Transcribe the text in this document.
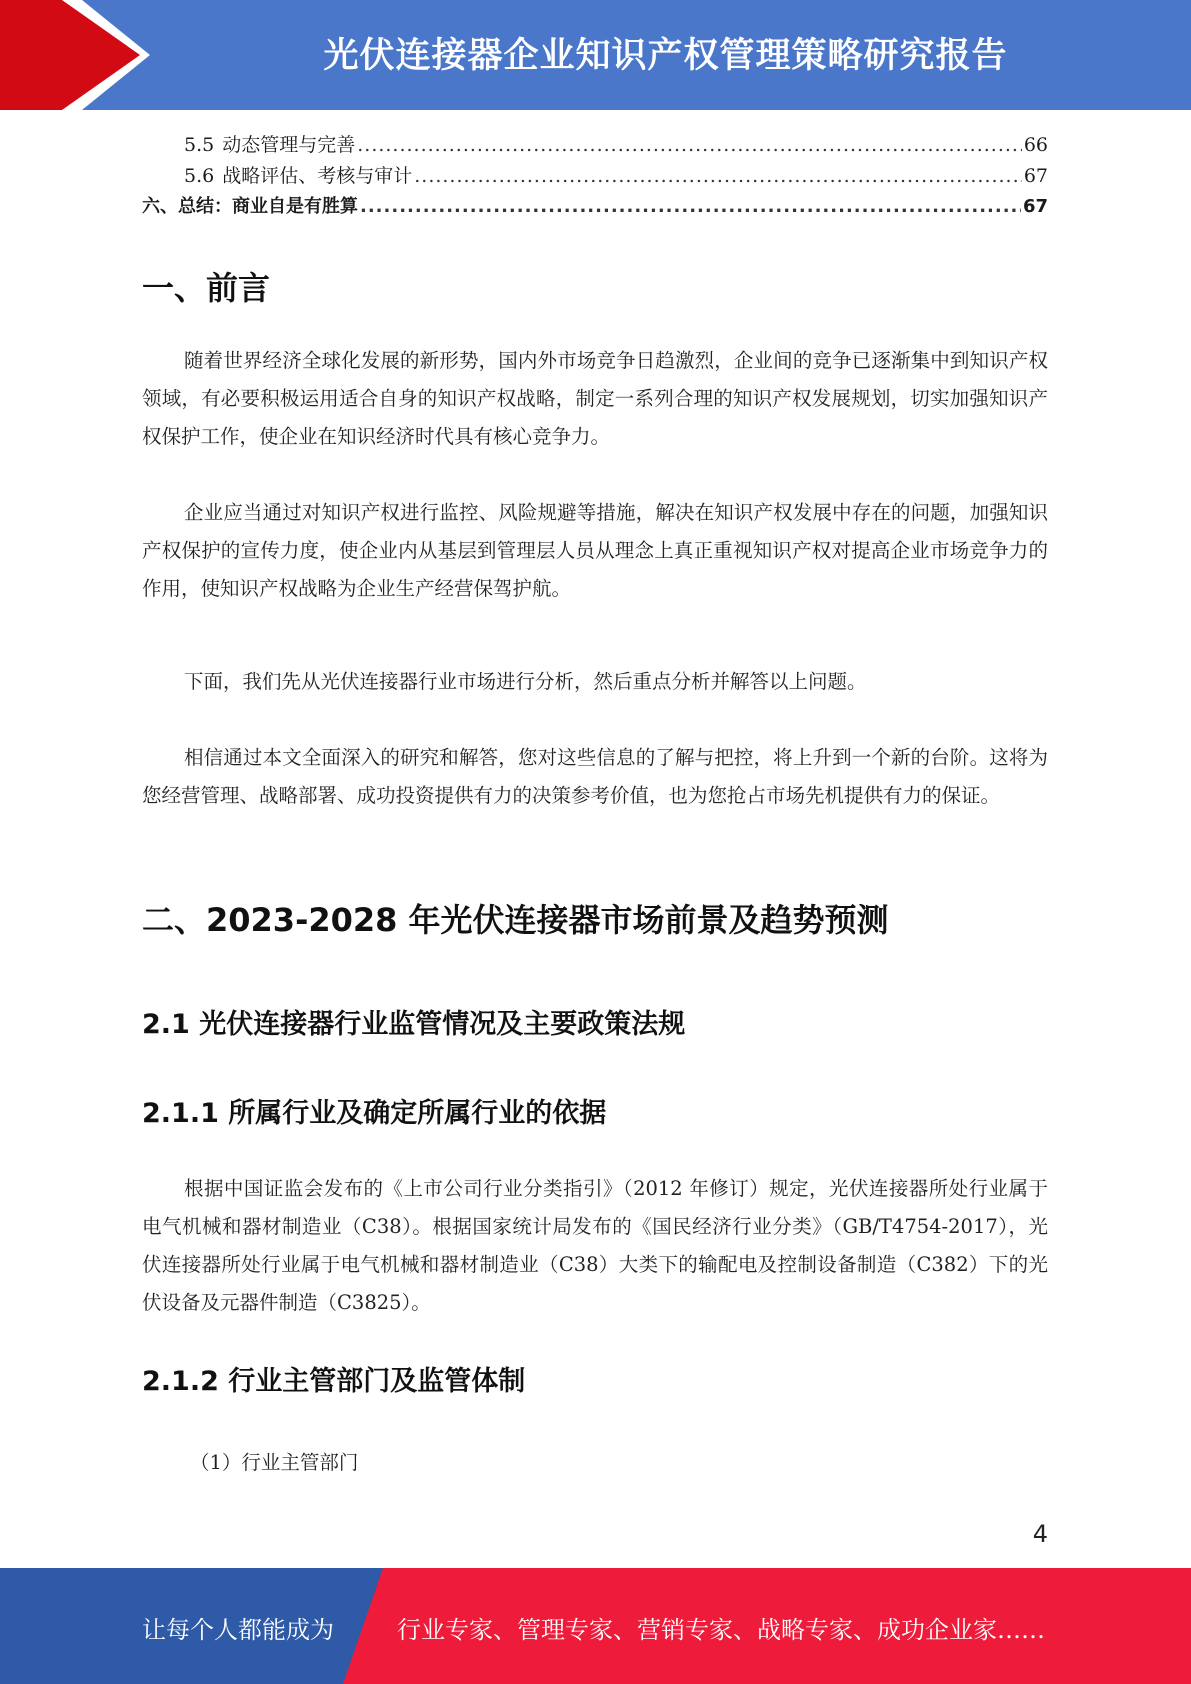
光伏连接器企业知识产权管理策略研究报告
5.5 动态管理与完善 .....	66
5.6 战略评估、考核与审计 .....	67
六、总结：商业自是有胜算 .....	67
一、前言

随着世界经济全球化发展的新形势，国内外市场竞争日趋激烈，企业间的竞争已逐渐集中到知识产权领域，有必要积极运用适合自身的知识产权战略，制定一系列合理的知识产权发展规划，切实加强知识产权保护工作，使企业在知识经济时代具有核心竞争力。

企业应当通过对知识产权进行监控、风险规避等措施，解决在知识产权发展中存在的问题，加强知识产权保护的宣传力度，使企业内从基层到管理层人员从理念上真正重视知识产权对提高企业市场竞争力的作用，使知识产权战略为企业生产经营保驾护航。

下面，我们先从光伏连接器行业市场进行分析，然后重点分析并解答以上问题。

相信通过本文全面深入的研究和解答，您对这些信息的了解与把控，将上升到一个新的台阶。这将为您经营管理、战略部署、成功投资提供有力的决策参考价值，也为您抢占市场先机提供有力的保证。

二、2023-2028 年光伏连接器市场前景及趋势预测
2.1 光伏连接器行业监管情况及主要政策法规
2.1.1 所属行业及确定所属行业的依据

根据中国证监会发布的《上市公司行业分类指引》（2012 年修订）规定，光伏连接器所处行业属于电气机械和器材制造业（C38）。根据国家统计局发布的《国民经济行业分类》（GB/T4754-2017），光伏连接器所处行业属于电气机械和器材制造业（C38）大类下的输配电及控制设备制造（C382）下的光伏设备及元器件制造（C3825）。

2.1.2 行业主管部门及监管体制
（1）行业主管部门
4
让每个人都能成为	行业专家、管理专家、营销专家、战略专家、成功企业家……
